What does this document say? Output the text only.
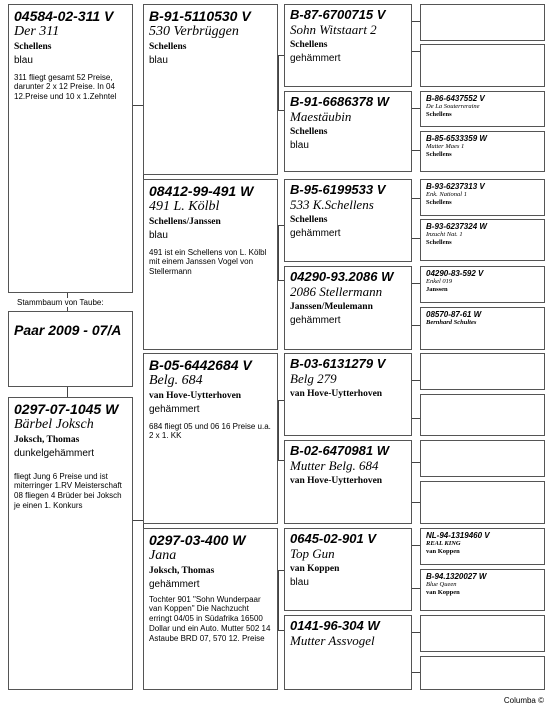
04584-02-311 V
Der 311
Schellens
blau
311 fliegt gesamt 52 Preise, darunter 2 x 12 Preise. In 04 12.Preise und 10 x 1.Zehntel
Stammbaum von Taube:
Paar 2009 - 07/A
0297-07-1045 W
Bärbel Joksch
Joksch, Thomas
dunkelgehämmert
fliegt Jung 6 Preise und ist miterringer 1.RV Meisterschaft 08 fliegen 4 Brüder bei Joksch je einen 1. Konkurs
B-91-5110530 V
530 Verbrüggen
Schellens
blau
08412-99-491 W
491 L. Kölbl
Schellens/Janssen
blau
491 ist ein Schellens von L. Kölbl mit einem Janssen Vogel von Stellermann
B-05-6442684 V
Belg. 684
van Hove-Uytterhoven
gehämmert
684 fliegt 05 und 06 16 Preise u.a. 2 x 1. KK
0297-03-400 W
Jana
Joksch, Thomas
gehämmert
Tochter 901 "Sohn Wunderpaar van Koppen" Die Nachzucht erringt 04/05 in Südafrika 16500 Dollar und ein Auto. Mutter 502 14 Astaube BRD 07, 570 12. Preise
B-87-6700715 V
Sohn Witstaart 2
Schellens
gehämmert
B-91-6686378 W
Maestäubin
Schellens
blau
B-95-6199533 V
533 K.Schellens
Schellens
gehämmert
04290-93.2086 W
2086 Stellermann
Janssen/Meulemann
gehämmert
B-03-6131279 V
Belg 279
van Hove-Uytterhoven
B-02-6470981 W
Mutter Belg. 684
van Hove-Uytterhoven
0645-02-901 V
Top Gun
van Koppen
blau
0141-96-304 W
Mutter Assvogel
B-86-6437552 V
De La Souterreraine
Schellens
B-85-6533359 W
Mutter Maes 1
Schellens
B-93-6237313 V
Enk. National 1
Schellens
B-93-6237324 W
Inzucht Nat. 1
Schellens
04290-83-592 V
Enkel 019
Janssen
08570-87-61 W
Bernhard Schultes
NL-94-1319460 V
REAL KING
van Koppen
B-94.1320027 W
Blue Queen
van Koppen
Columba ©
